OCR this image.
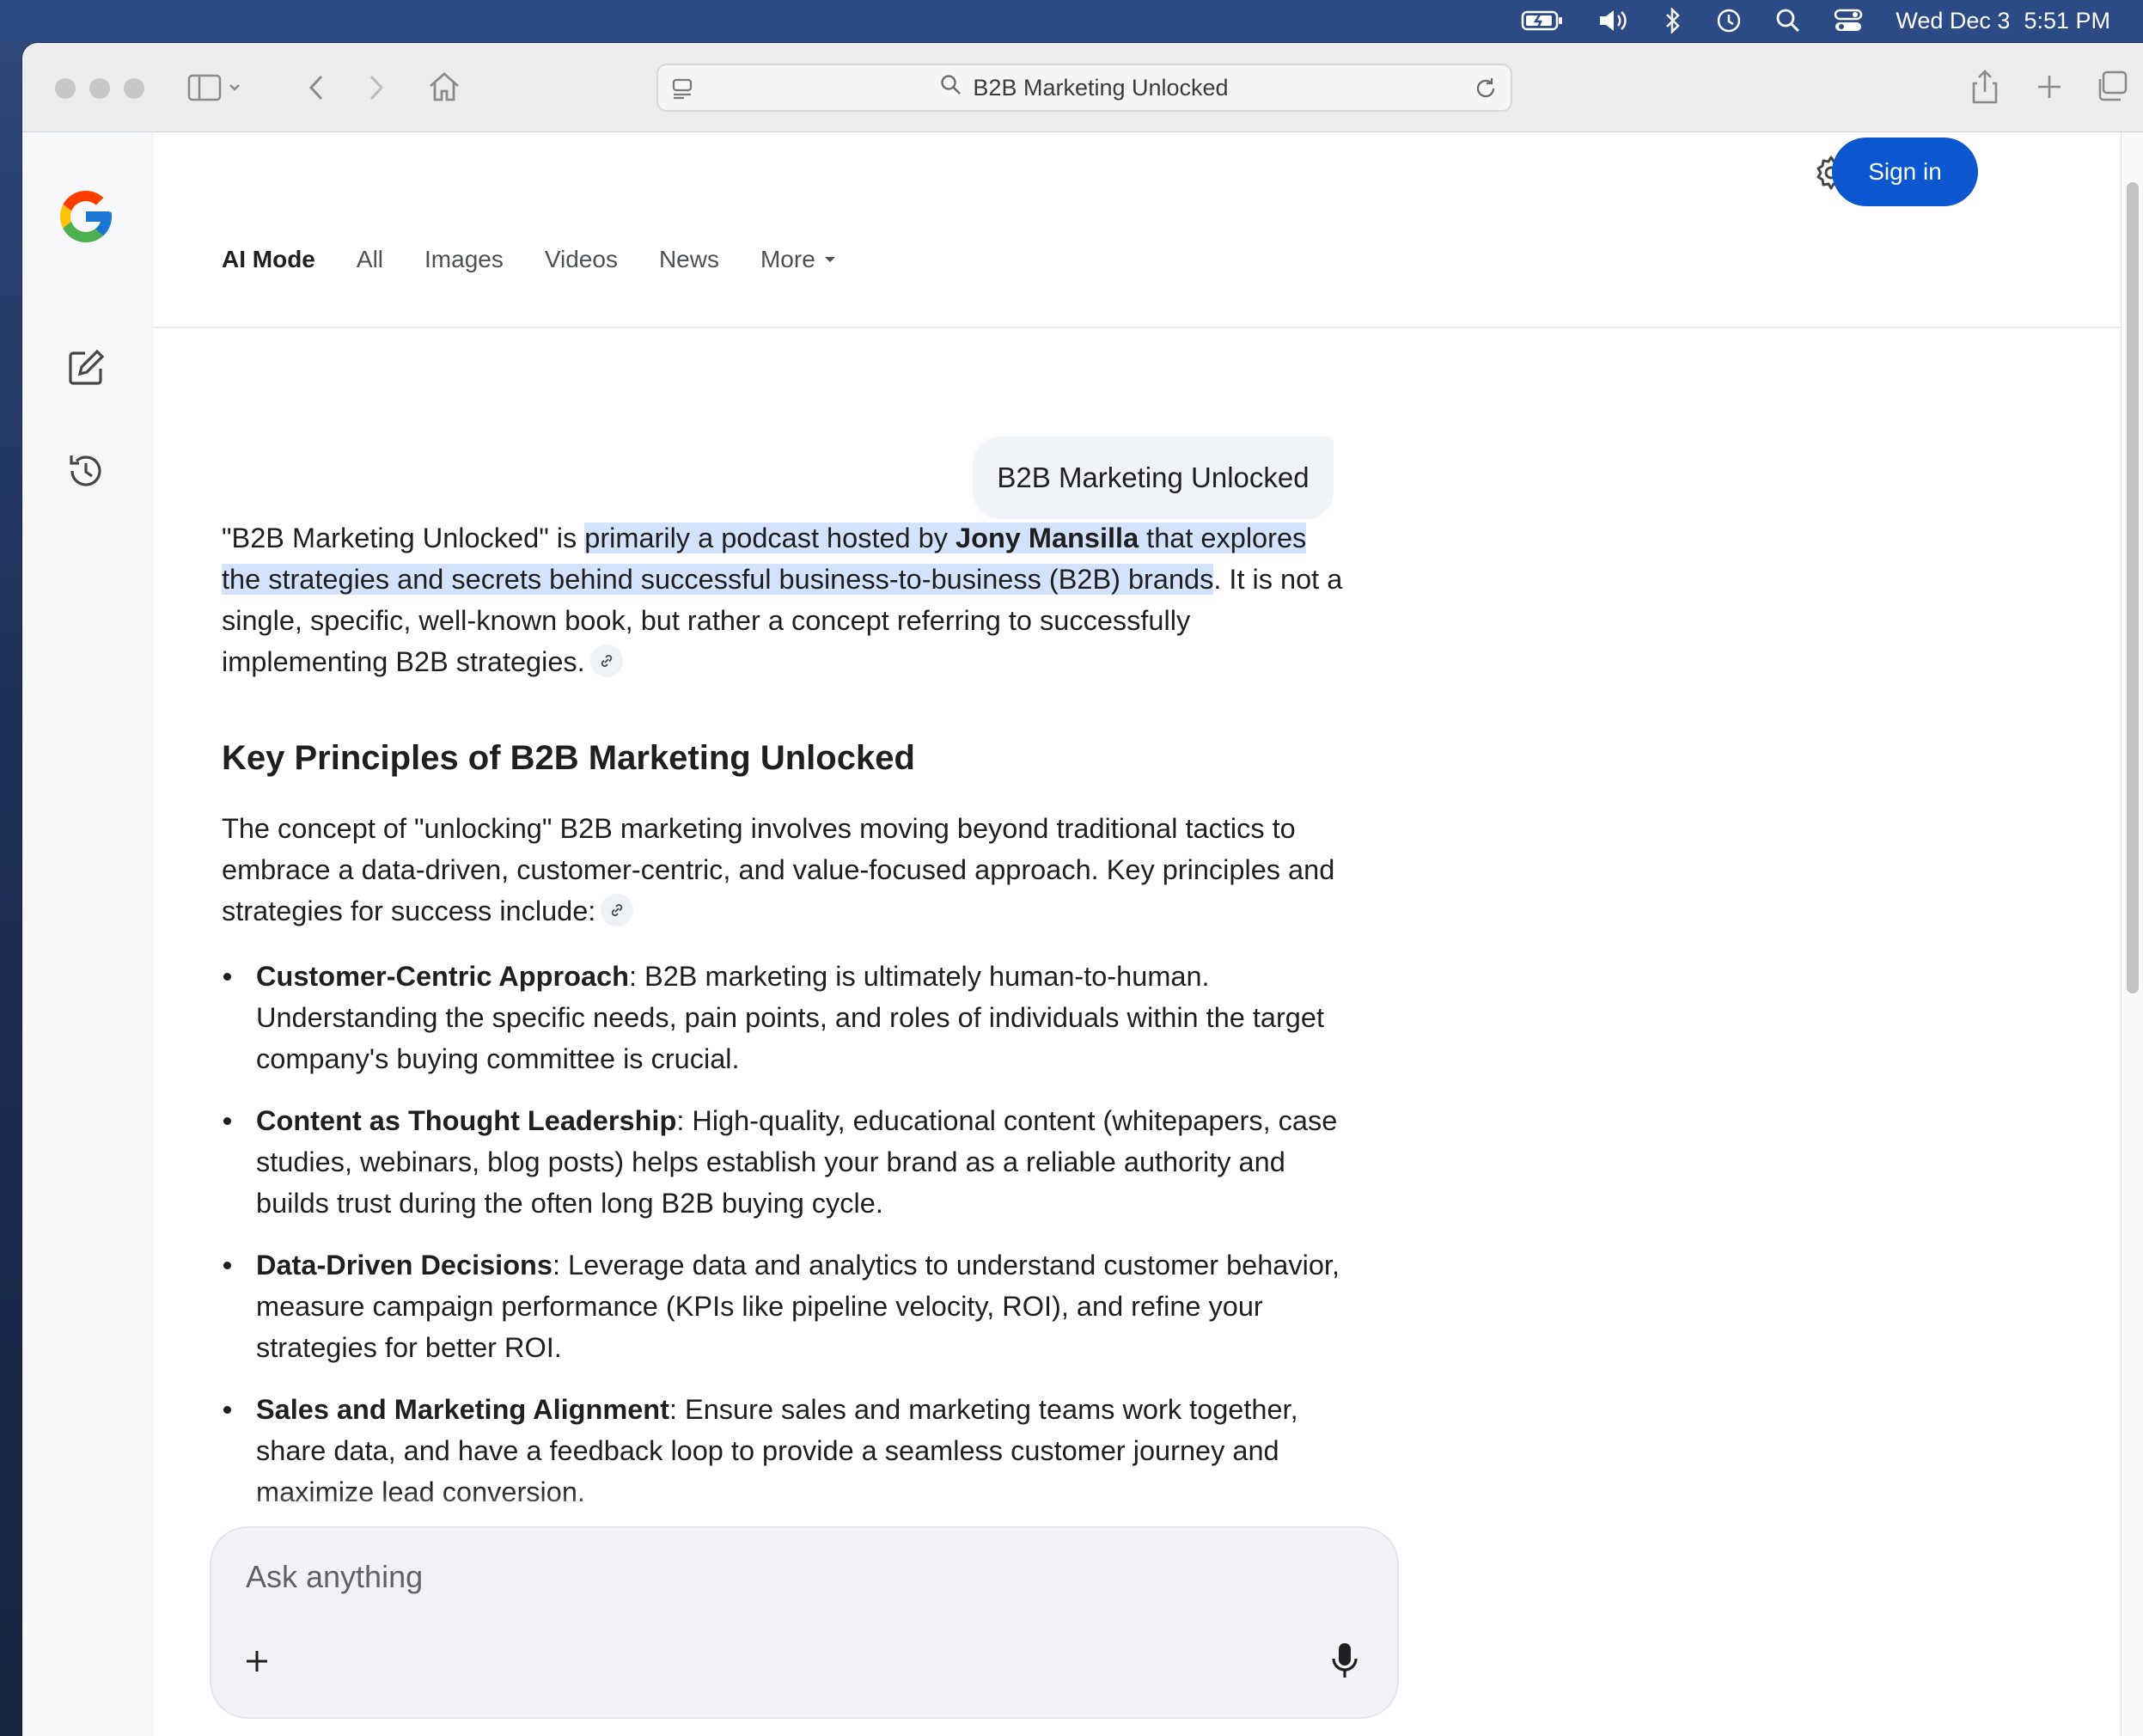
Wed Dec 3 5:51 PM
B2B Marketing Unlocked
AI Mode All Images Videos News More
Sign in
B2B Marketing Unlocked

"B2B Marketing Unlocked" is primarily a podcast hosted by Jony Mansilla that explores the strategies and secrets behind successful business-to-business (B2B) brands. It is not a single, specific, well-known book, but rather a concept referring to successfully implementing B2B strategies.

Key Principles of B2B Marketing Unlocked

The concept of "unlocking" B2B marketing involves moving beyond traditional tactics to embrace a data-driven, customer-centric, and value-focused approach. Key principles and strategies for success include:

Customer-Centric Approach: B2B marketing is ultimately human-to-human. Understanding the specific needs, pain points, and roles of individuals within the target company's buying committee is crucial.
Content as Thought Leadership: High-quality, educational content (whitepapers, case studies, webinars, blog posts) helps establish your brand as a reliable authority and builds trust during the often long B2B buying cycle.
Data-Driven Decisions: Leverage data and analytics to understand customer behavior, measure campaign performance (KPIs like pipeline velocity, ROI), and refine your strategies for better ROI.
Sales and Marketing Alignment: Ensure sales and marketing teams work together, share data, and have a feedback loop to provide a seamless customer journey and maximize lead conversion.
Ask anything
